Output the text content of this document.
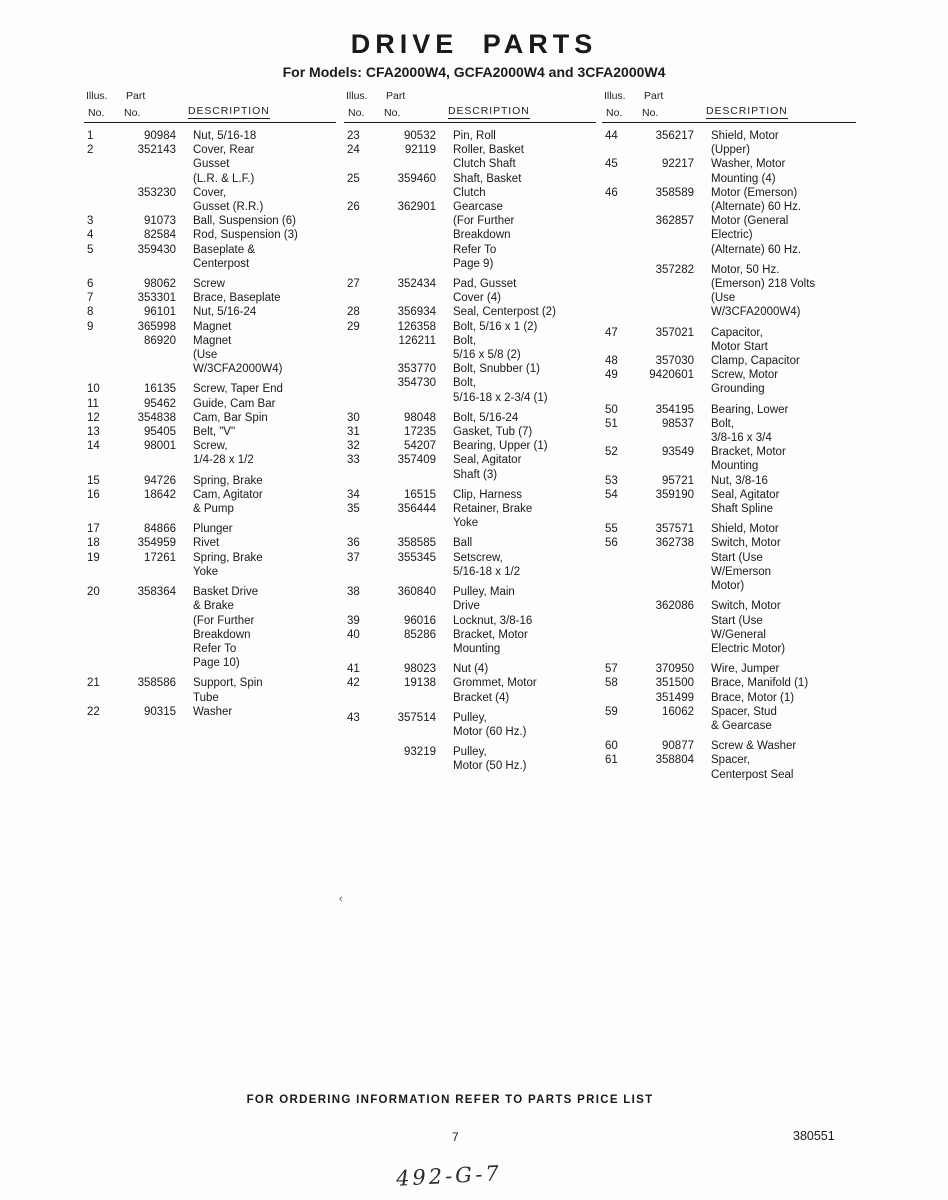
DRIVE PARTS
For Models: CFA2000W4, GCFA2000W4 and 3CFA2000W4
Illus.	Part
No.	No.	DESCRIPTION
1	90984	Nut, 5/16-18
2	352143	Cover, Rear
Gusset
(L.R. & L.F.)
353230	Cover,
Gusset (R.R.)
3	91073	Ball, Suspension (6)
4	82584	Rod, Suspension (3)
5	359430	Baseplate &
Centerpost
6	98062	Screw
7	353301	Brace, Baseplate
8	96101	Nut, 5/16-24
9	365998	Magnet
86920	Magnet
(Use
W/3CFA2000W4)
10	16135	Screw, Taper End
11	95462	Guide, Cam Bar
12	354838	Cam, Bar Spin
13	95405	Belt, "V"
14	98001	Screw,
1/4-28 x 1/2
15	94726	Spring, Brake
16	18642	Cam, Agitator
& Pump
17	84866	Plunger
18	354959	Rivet
19	17261	Spring, Brake
Yoke
20	358364	Basket Drive
& Brake
(For Further
Breakdown
Refer To
Page 10)
21	358586	Support, Spin
Tube
22	90315	Washer
Illus.	Part
No.	No.	DESCRIPTION
23	90532	Pin, Roll
24	92119	Roller, Basket
Clutch Shaft
25	359460	Shaft, Basket
Clutch
26	362901	Gearcase
(For Further
Breakdown
Refer To
Page 9)
27	352434	Pad, Gusset
Cover (4)
28	356934	Seal, Centerpost (2)
29	126358	Bolt, 5/16 x 1 (2)
126211	Bolt,
5/16 x 5/8 (2)
353770	Bolt, Snubber (1)
354730	Bolt,
5/16-18 x 2-3/4 (1)
30	98048	Bolt, 5/16-24
31	17235	Gasket, Tub (7)
32	54207	Bearing, Upper (1)
33	357409	Seal, Agitator
Shaft (3)
34	16515	Clip, Harness
35	356444	Retainer, Brake
Yoke
36	358585	Ball
37	355345	Setscrew,
5/16-18 x 1/2
38	360840	Pulley, Main
Drive
39	96016	Locknut, 3/8-16
40	85286	Bracket, Motor
Mounting
41	98023	Nut (4)
42	19138	Grommet, Motor
Bracket (4)
43	357514	Pulley,
Motor (60 Hz.)
93219	Pulley,
Motor (50 Hz.)
Illus.	Part
No.	No.	DESCRIPTION
44	356217	Shield, Motor
(Upper)
45	92217	Washer, Motor
Mounting (4)
46	358589	Motor (Emerson)
(Alternate) 60 Hz.
362857	Motor (General
Electric)
(Alternate) 60 Hz.
357282	Motor, 50 Hz.
(Emerson) 218 Volts
(Use
W/3CFA2000W4)
47	357021	Capacitor,
Motor Start
48	357030	Clamp, Capacitor
49	9420601	Screw, Motor
Grounding
50	354195	Bearing, Lower
51	98537	Bolt,
3/8-16 x 3/4
52	93549	Bracket, Motor
Mounting
53	95721	Nut, 3/8-16
54	359190	Seal, Agitator
Shaft Spline
55	357571	Shield, Motor
56	362738	Switch, Motor
Start (Use
W/Emerson
Motor)
362086	Switch, Motor
Start (Use
W/General
Electric Motor)
57	370950	Wire, Jumper
58	351500	Brace, Manifold (1)
351499	Brace, Motor (1)
59	16062	Spacer, Stud
& Gearcase
60	90877	Screw & Washer
61	358804	Spacer,
Centerpost Seal
‹
FOR ORDERING INFORMATION REFER TO PARTS PRICE LIST
7	380551
492-G-7
